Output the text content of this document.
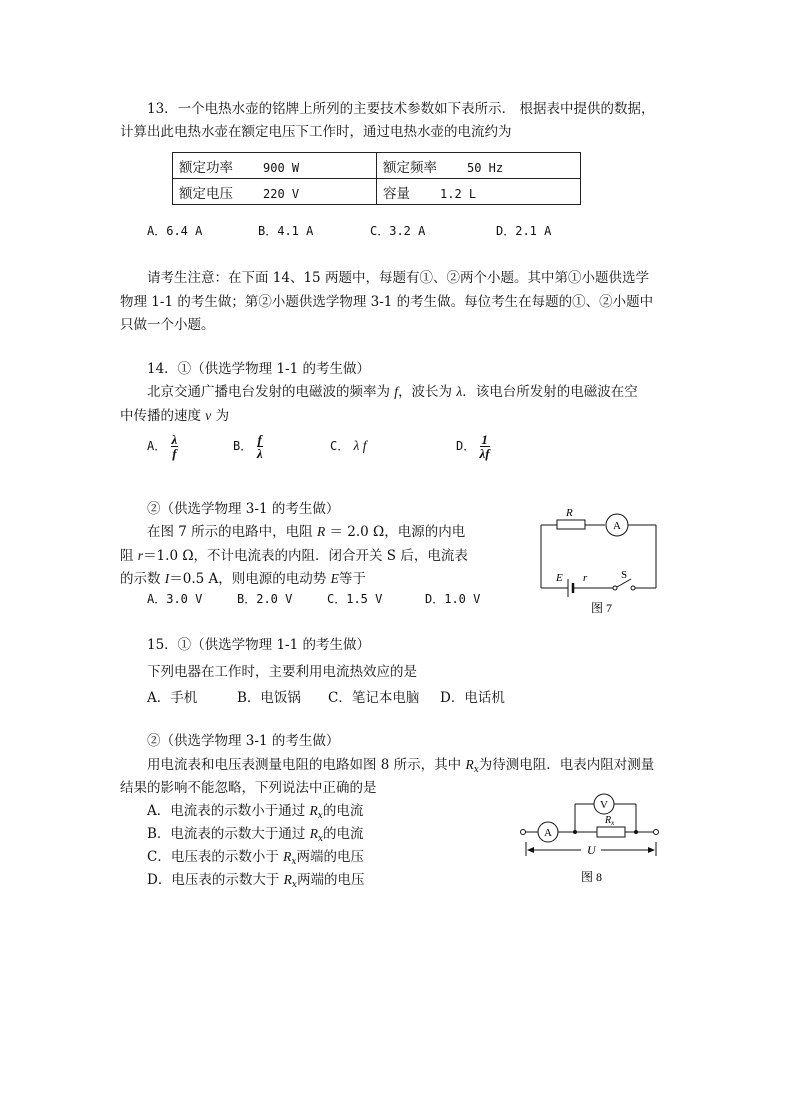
13．一个电热水壶的铭牌上所列的主要技术参数如下表所示． 根据表中提供的数据，
计算出此电热水壶在额定电压下工作时，通过电热水壶的电流约为
额定功率 900 W	额定频率 50 Hz
额定电压 220 V	容量 1.2 L
A．6.4 A	B．4.1 A	C．3.2 A	D．2.1 A
请考生注意：在下面 14、15 两题中，每题有①、②两个小题。其中第①小题供选学
物理 1-1 的考生做；第②小题供选学物理 3-1 的考生做。每位考生在每题的①、②小题中
只做一个小题。
14．①（供选学物理 1-1 的考生做）
北京交通广播电台发射的电磁波的频率为 f，波长为 λ．该电台所发射的电磁波在空
中传播的速度 v 为
A． $\frac{\lambda}{f}$	B． $\frac{f}{\lambda}$	C． λ f	D． $\frac{1}{\lambda f}$
②（供选学物理 3-1 的考生做）
在图 7 所示的电路中，电阻 R ＝ 2.0 Ω，电源的内电
阻 r＝1.0 Ω，不计电流表的内阻．闭合开关 S 后，电流表
的示数 I＝0.5 A，则电源的电动势 E等于
A．3.0 V	B．2.0 V	C．1.5 V	D．1.0 V
R
A
E r	S
图 7
15．①（供选学物理 1-1 的考生做）
下列电器在工作时，主要利用电流热效应的是
A．手机	B．电饭锅 C．笔记本电脑 D．电话机
②（供选学物理 3-1 的考生做）
用电流表和电压表测量电阻的电路如图 8 所示，其中 $R_x$为待测电阻．电表内阻对测量
结果的影响不能忽略，下列说法中正确的是
A．电流表的示数小于通过 $R_x$的电流
B．电流表的示数大于通过 $R_x$的电流
C．电压表的示数小于 $R_x$两端的电压
D．电压表的示数大于 $R_x$两端的电压
A
V
$R_x$
U
图 8
